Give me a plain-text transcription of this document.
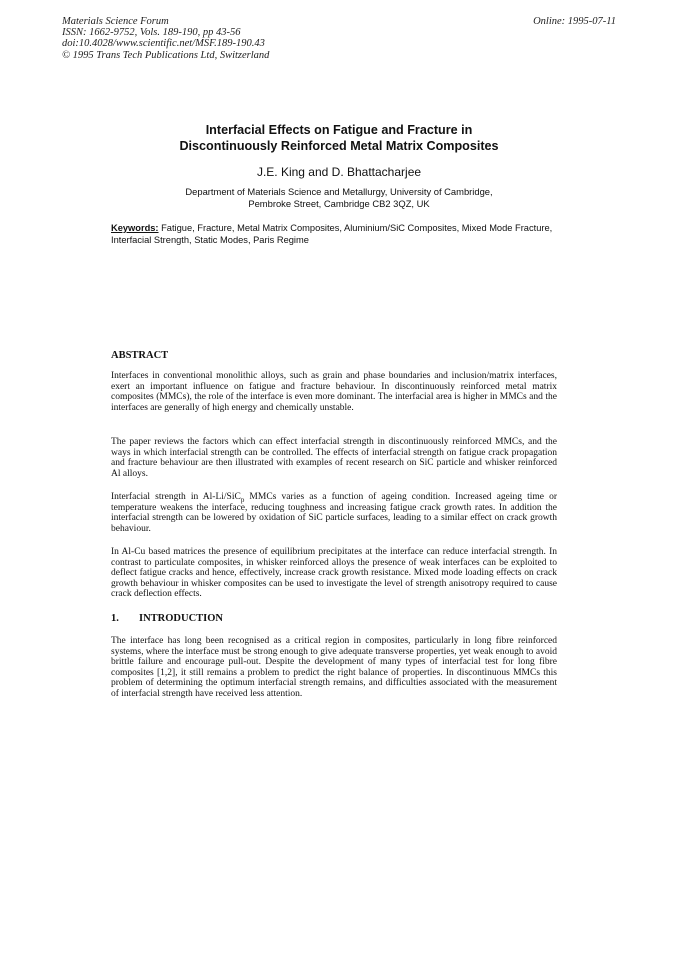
Materials Science Forum
ISSN: 1662-9752, Vols. 189-190, pp 43-56
doi:10.4028/www.scientific.net/MSF.189-190.43
© 1995 Trans Tech Publications Ltd, Switzerland
Online: 1995-07-11
Interfacial Effects on Fatigue and Fracture in
Discontinuously Reinforced Metal Matrix Composites
J.E. King and D. Bhattacharjee
Department of Materials Science and Metallurgy, University of Cambridge,
Pembroke Street, Cambridge CB2 3QZ, UK
Keywords: Fatigue, Fracture, Metal Matrix Composites, Aluminium/SiC Composites, Mixed Mode Fracture, Interfacial Strength, Static Modes, Paris Regime
ABSTRACT
Interfaces in conventional monolithic alloys, such as grain and phase boundaries and inclusion/matrix interfaces, exert an important influence on fatigue and fracture behaviour. In discontinuously reinforced metal matrix composites (MMCs), the role of the interface is even more dominant. The interfacial area is higher in MMCs and the interfaces are generally of high energy and chemically unstable.
The paper reviews the factors which can effect interfacial strength in discontinuously reinforced MMCs, and the ways in which interfacial strength can be controlled. The effects of interfacial strength on fatigue crack propagation and fracture behaviour are then illustrated with examples of recent research on SiC particle and whisker reinforced Al alloys.
Interfacial strength in Al-Li/SiC$_p$ MMCs varies as a function of ageing condition. Increased ageing time or temperature weakens the interface, reducing toughness and increasing fatigue crack growth rates. In addition the interfacial strength can be lowered by oxidation of SiC particle surfaces, leading to a similar effect on crack growth behaviour.
In Al-Cu based matrices the presence of equilibrium precipitates at the interface can reduce interfacial strength. In contrast to particulate composites, in whisker reinforced alloys the presence of weak interfaces can be exploited to deflect fatigue cracks and hence, effectively, increase crack growth resistance. Mixed mode loading effects on crack growth behaviour in whisker composites can be used to investigate the level of strength anisotropy required to cause crack deflection effects.
1. INTRODUCTION
The interface has long been recognised as a critical region in composites, particularly in long fibre reinforced systems, where the interface must be strong enough to give adequate transverse properties, yet weak enough to avoid brittle failure and encourage pull-out. Despite the development of many types of interfacial test for long fibre composites [1,2], it still remains a problem to predict the right balance of properties. In discontinuous MMCs this problem of determining the optimum interfacial strength remains, and difficulties associated with the measurement of interfacial strength have received less attention.
